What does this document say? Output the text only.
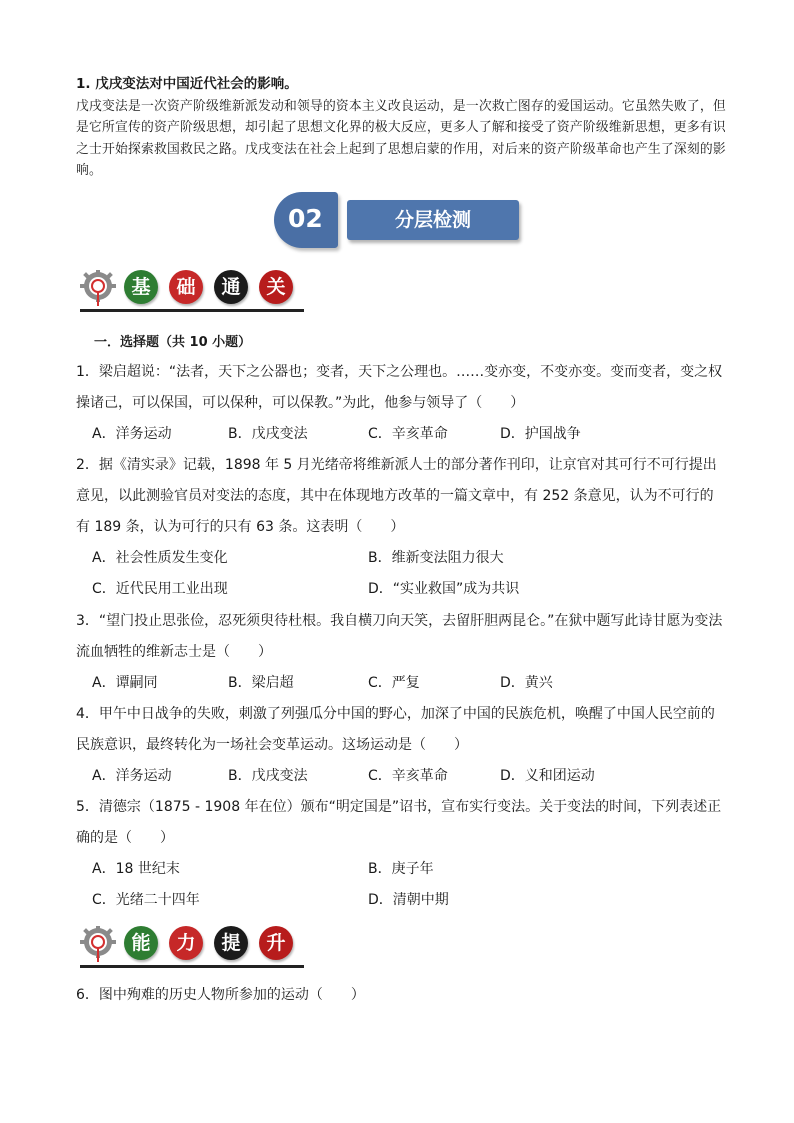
1. 戊戌变法对中国近代社会的影响。
戊戌变法是一次资产阶级维新派发动和领导的资本主义改良运动，是一次救亡图存的爱国运动。它虽然失败了，但是它所宣传的资产阶级思想，却引起了思想文化界的极大反应，更多人了解和接受了资产阶级维新思想，更多有识之士开始探索救国救民之路。戊戌变法在社会上起到了思想启蒙的作用，对后来的资产阶级革命也产生了深刻的影响。
02	分层检测
基	础	通	关
一．选择题（共 10 小题）
1．梁启超说：“法者，天下之公器也；变者，天下之公理也。……变亦变，不变亦变。变而变者，变之权操诸己，可以保国，可以保种，可以保教。”为此，他参与领导了（　　）
A．洋务运动	B．戊戌变法	C．辛亥革命	D．护国战争
2．据《清实录》记载，1898 年 5 月光绪帝将维新派人士的部分著作刊印，让京官对其可行不可行提出意见，以此测验官员对变法的态度，其中在体现地方改革的一篇文章中，有 252 条意见，认为不可行的有 189 条，认为可行的只有 63 条。这表明（　　）
A．社会性质发生变化	B．维新变法阻力很大
C．近代民用工业出现	D．“实业救国”成为共识
3．“望门投止思张俭，忍死须臾待杜根。我自横刀向天笑，去留肝胆两昆仑。”在狱中题写此诗甘愿为变法流血牺牲的维新志士是（　　）
A．谭嗣同	B．梁启超	C．严复	D．黄兴
4．甲午中日战争的失败，刺激了列强瓜分中国的野心，加深了中国的民族危机，唤醒了中国人民空前的民族意识，最终转化为一场社会变革运动。这场运动是（　　）
A．洋务运动	B．戊戌变法	C．辛亥革命	D．义和团运动
5．清德宗（1875 - 1908 年在位）颁布“明定国是”诏书，宣布实行变法。关于变法的时间，下列表述正确的是（　　）
A．18 世纪末	B．庚子年
C．光绪二十四年	D．清朝中期
能	力	提	升
6．图中殉难的历史人物所参加的运动（　　）
